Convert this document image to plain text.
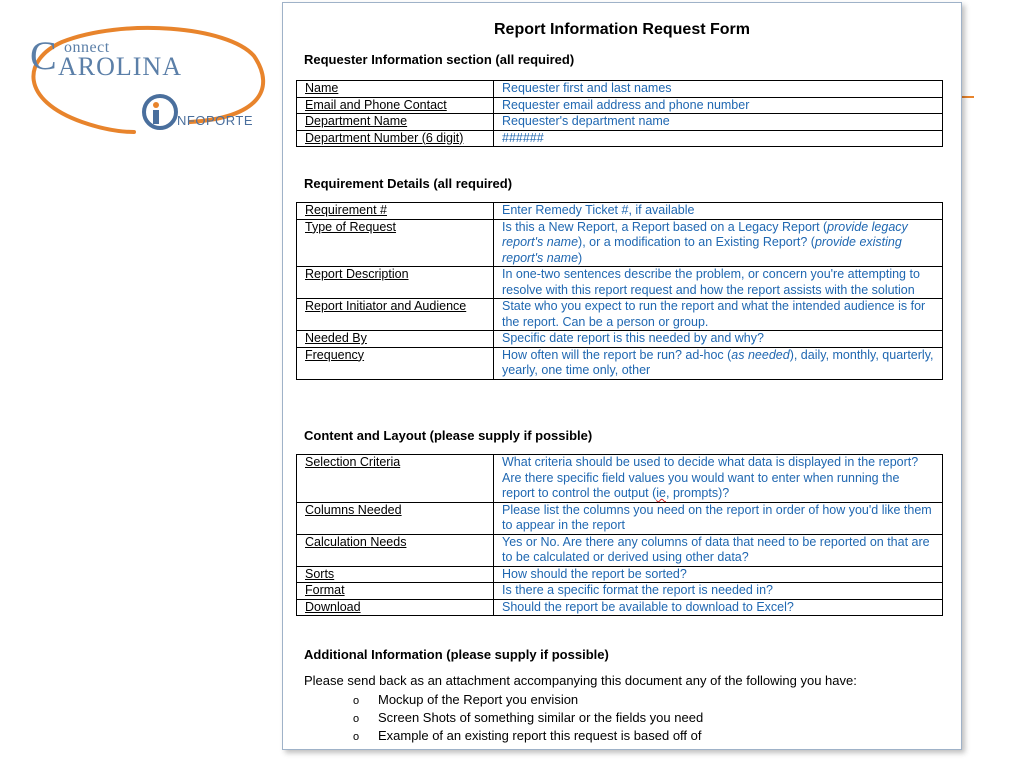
C onnect
AROLINA
NFOPORTE
Report Information Request Form
Requester Information section (all required)
Name	Requester first and last names
Email and Phone Contact	Requester email address and phone number
Department Name	Requester's department name
Department Number (6 digit)	######
Requirement Details (all required)
Requirement #	Enter Remedy Ticket #, if available
Type of Request	Is this a New Report, a Report based on a Legacy Report (provide legacy report's name), or a modification to an Existing Report? (provide existing report's name)
Report Description	In one-two sentences describe the problem, or concern you're attempting to resolve with this report request and how the report assists with the solution
Report Initiator and Audience	State who you expect to run the report and what the intended audience is for the report. Can be a person or group.
Needed By	Specific date report is this needed by and why?
Frequency	How often will the report be run? ad-hoc (as needed), daily, monthly, quarterly, yearly, one time only, other
Content and Layout (please supply if possible)
Selection Criteria	What criteria should be used to decide what data is displayed in the report? Are there specific field values you would want to enter when running the report to control the output (ie, prompts)?
Columns Needed	Please list the columns you need on the report in order of how you'd like them to appear in the report
Calculation Needs	Yes or No. Are there any columns of data that need to be reported on that are to be calculated or derived using other data?
Sorts	How should the report be sorted?
Format	Is there a specific format the report is needed in?
Download	Should the report be available to download to Excel?
Additional Information (please supply if possible)
Please send back as an attachment accompanying this document any of the following you have:
o Mockup of the Report you envision
o Screen Shots of something similar or the fields you need
o Example of an existing report this request is based off of
